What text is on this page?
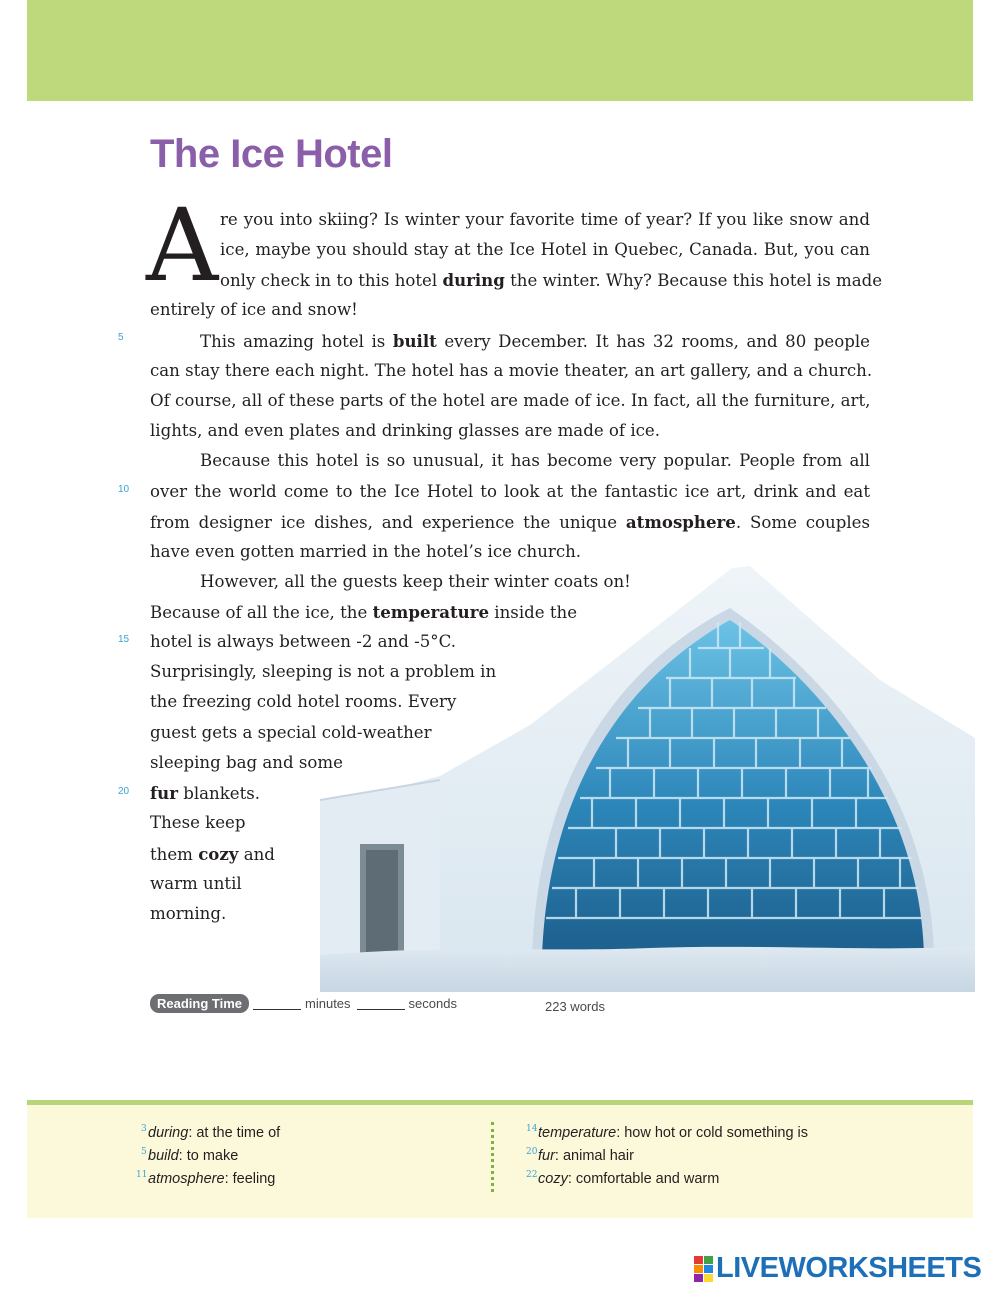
The Ice Hotel
A re you into skiing? Is winter your favorite time of year? If you like snow and
ice, maybe you should stay at the Ice Hotel in Quebec, Canada. But, you can
only check in to this hotel during the winter. Why? Because this hotel is made
entirely of ice and snow!
This amazing hotel is built every December. It has 32 rooms, and 80 people
can stay there each night. The hotel has a movie theater, an art gallery, and a church.
Of course, all of these parts of the hotel are made of ice. In fact, all the furniture, art,
lights, and even plates and drinking glasses are made of ice.
Because this hotel is so unusual, it has become very popular. People from all
over the world come to the Ice Hotel to look at the fantastic ice art, drink and eat
from designer ice dishes, and experience the unique atmosphere. Some couples
have even gotten married in the hotel’s ice church.
However, all the guests keep their winter coats on!
Because of all the ice, the temperature inside the
hotel is always between -2 and -5°C.
Surprisingly, sleeping is not a problem in
the freezing cold hotel rooms. Every
guest gets a special cold-weather
sleeping bag and some
fur blankets.
These keep
them cozy and
warm until
morning.
5
10
15
20
Reading Time	minutes	seconds	223 words
3 during: at the time of
5 build: to make
11 atmosphere: feeling
14 temperature: how hot or cold something is
20 fur: animal hair
22 cozy: comfortable and warm
LIVEWORKSHEETS
